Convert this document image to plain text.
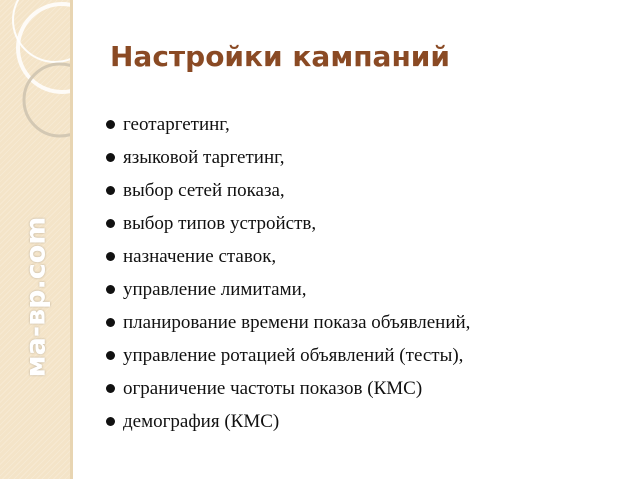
ма-вр.com
Настройки кампаний
геотаргетинг,
языковой таргетинг,
выбор сетей показа,
выбор типов устройств,
назначение ставок,
управление лимитами,
планирование времени показа объявлений,
управление ротацией объявлений (тесты),
ограничение частоты показов (КМС)
демография (КМС)
